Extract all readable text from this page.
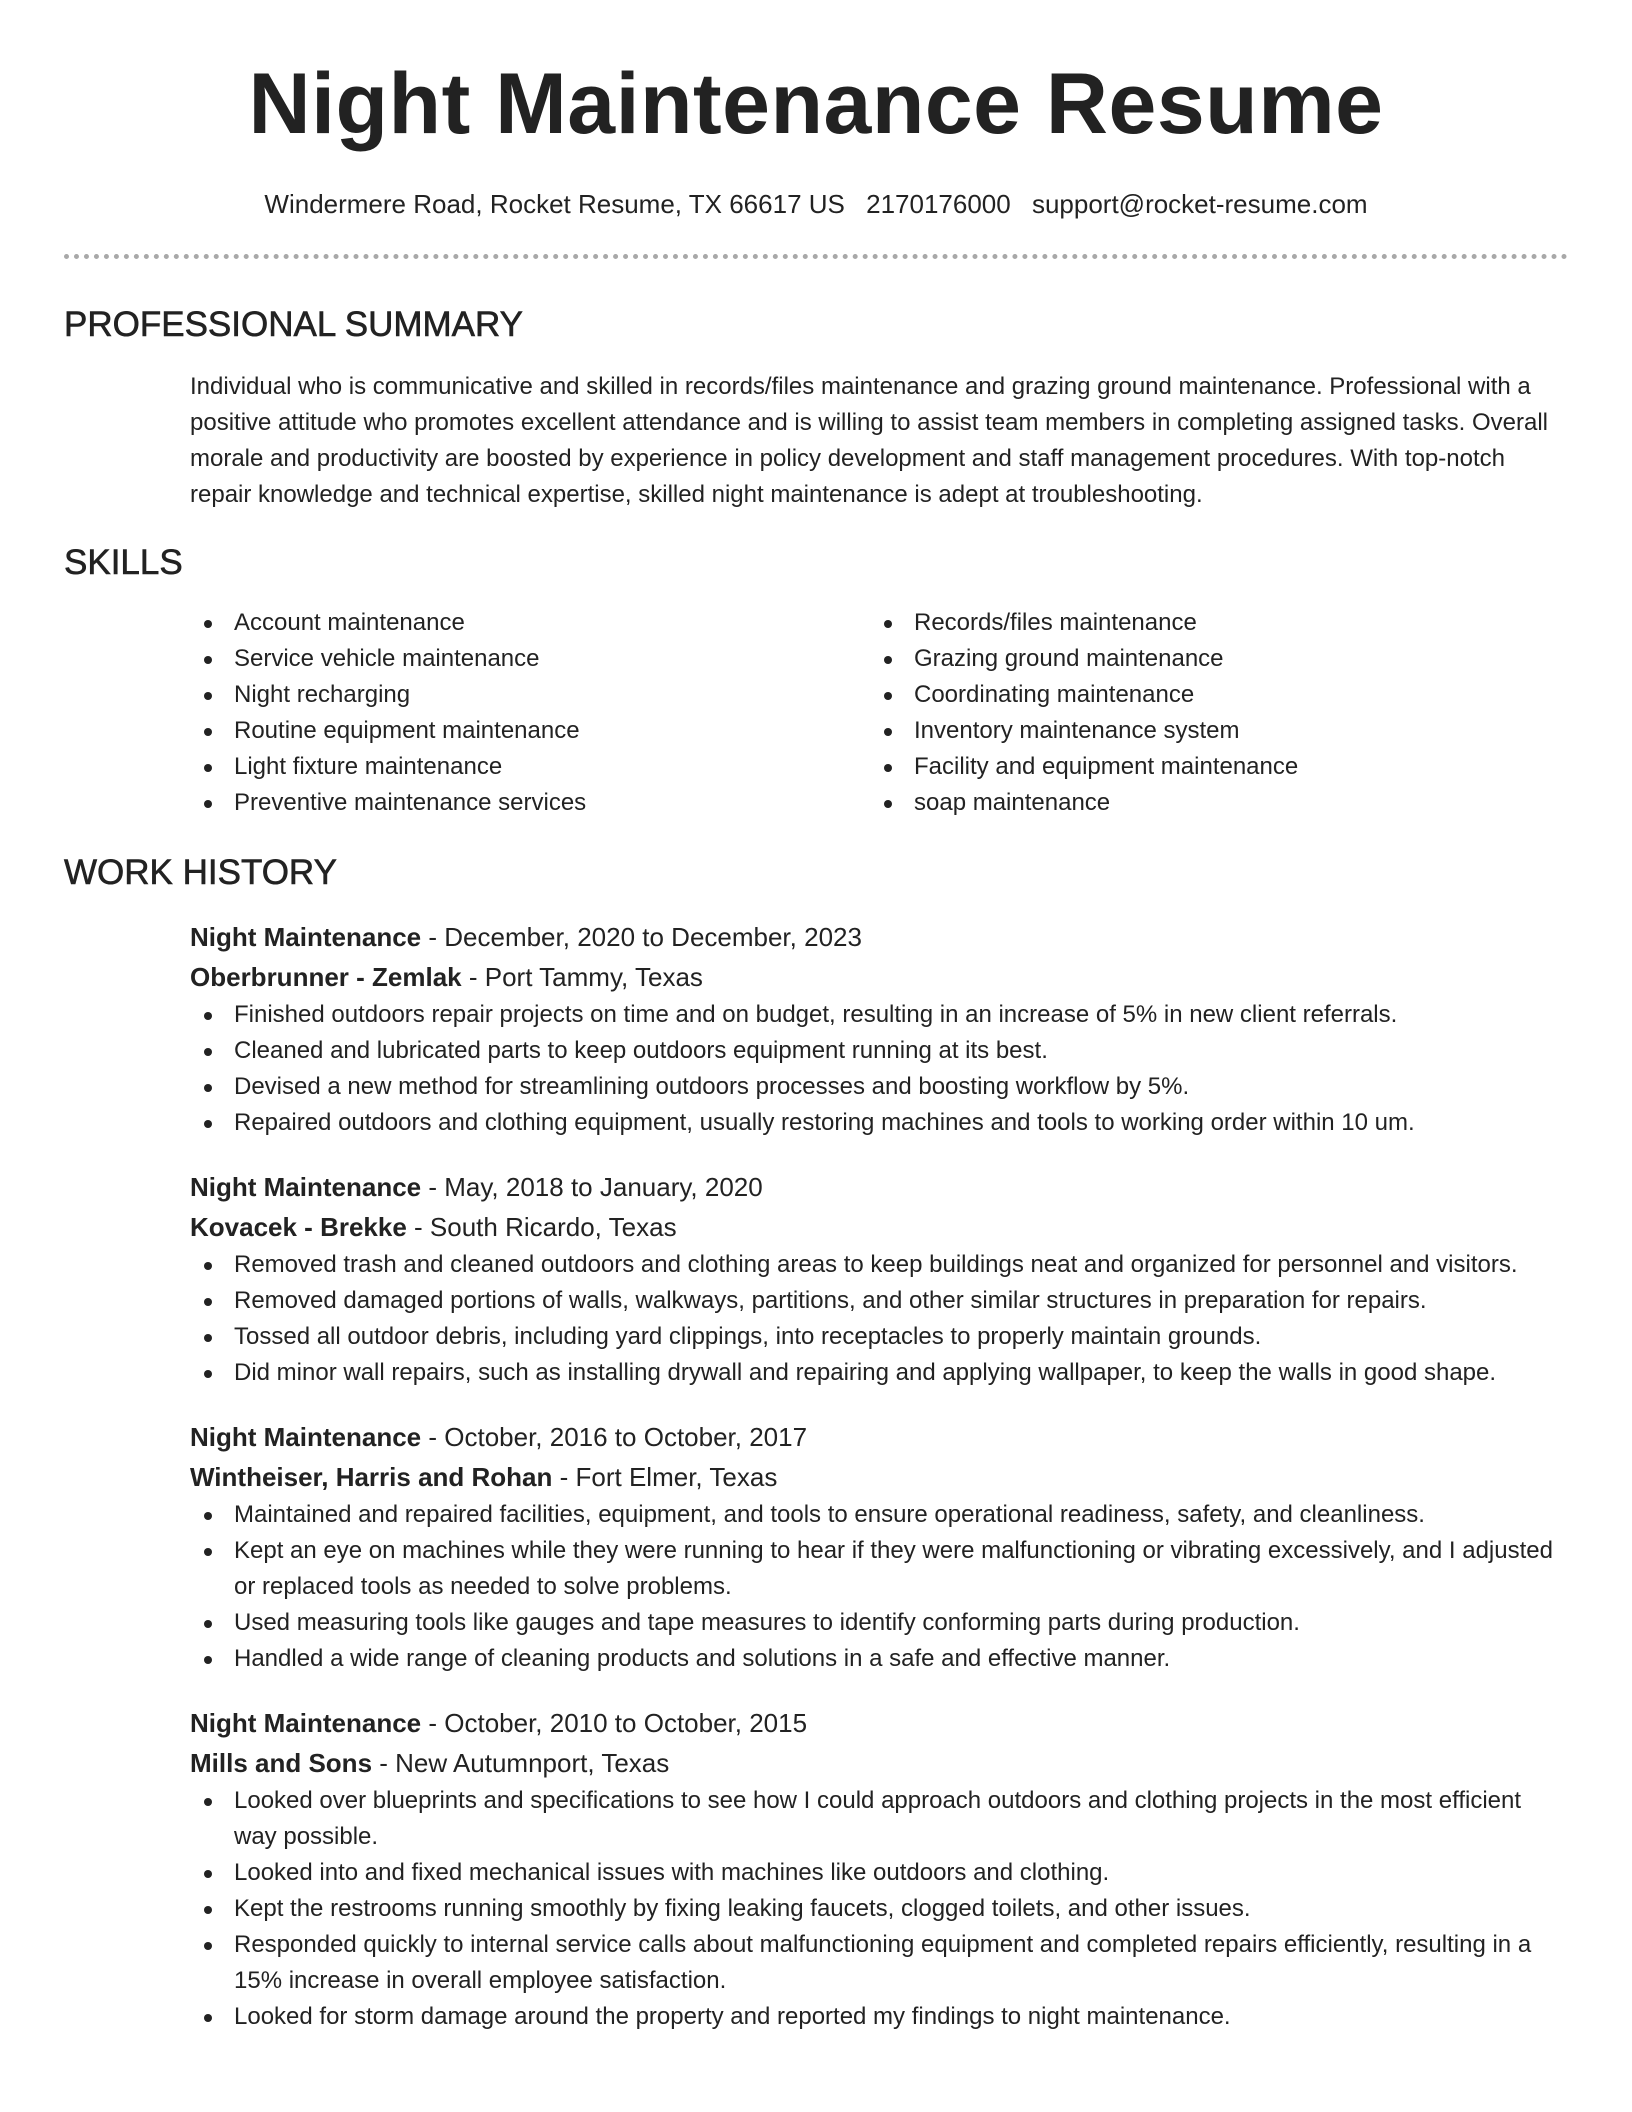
Night Maintenance Resume
Windermere Road, Rocket Resume, TX 66617 US 2170176000 support@rocket-resume.com
PROFESSIONAL SUMMARY

Individual who is communicative and skilled in records/files maintenance and grazing ground maintenance. Professional with a positive attitude who promotes excellent attendance and is willing to assist team members in completing assigned tasks. Overall morale and productivity are boosted by experience in policy development and staff management procedures. With top-notch repair knowledge and technical expertise, skilled night maintenance is adept at troubleshooting.

SKILLS
Account maintenance
Service vehicle maintenance
Night recharging
Routine equipment maintenance
Light fixture maintenance
Preventive maintenance services
Records/files maintenance
Grazing ground maintenance
Coordinating maintenance
Inventory maintenance system
Facility and equipment maintenance
soap maintenance
WORK HISTORY
Night Maintenance - December, 2020 to December, 2023
Oberbrunner - Zemlak - Port Tammy, Texas
Finished outdoors repair projects on time and on budget, resulting in an increase of 5% in new client referrals.
Cleaned and lubricated parts to keep outdoors equipment running at its best.
Devised a new method for streamlining outdoors processes and boosting workflow by 5%.
Repaired outdoors and clothing equipment, usually restoring machines and tools to working order within 10 um.
Night Maintenance - May, 2018 to January, 2020
Kovacek - Brekke - South Ricardo, Texas
Removed trash and cleaned outdoors and clothing areas to keep buildings neat and organized for personnel and visitors.
Removed damaged portions of walls, walkways, partitions, and other similar structures in preparation for repairs.
Tossed all outdoor debris, including yard clippings, into receptacles to properly maintain grounds.
Did minor wall repairs, such as installing drywall and repairing and applying wallpaper, to keep the walls in good shape.
Night Maintenance - October, 2016 to October, 2017
Wintheiser, Harris and Rohan - Fort Elmer, Texas
Maintained and repaired facilities, equipment, and tools to ensure operational readiness, safety, and cleanliness.
Kept an eye on machines while they were running to hear if they were malfunctioning or vibrating excessively, and I adjusted or replaced tools as needed to solve problems.
Used measuring tools like gauges and tape measures to identify conforming parts during production.
Handled a wide range of cleaning products and solutions in a safe and effective manner.
Night Maintenance - October, 2010 to October, 2015
Mills and Sons - New Autumnport, Texas
Looked over blueprints and specifications to see how I could approach outdoors and clothing projects in the most efficient way possible.
Looked into and fixed mechanical issues with machines like outdoors and clothing.
Kept the restrooms running smoothly by fixing leaking faucets, clogged toilets, and other issues.
Responded quickly to internal service calls about malfunctioning equipment and completed repairs efficiently, resulting in a 15% increase in overall employee satisfaction.
Looked for storm damage around the property and reported my findings to night maintenance.
